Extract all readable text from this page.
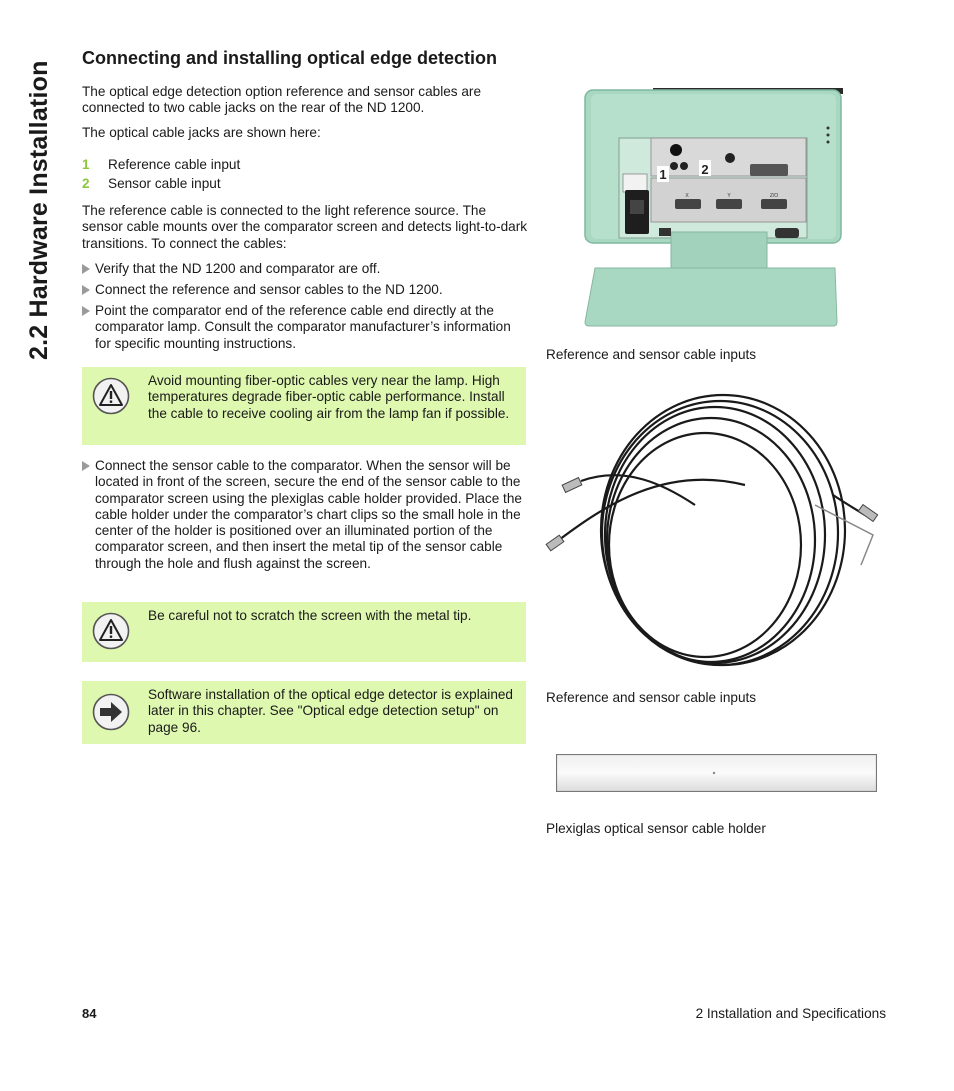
2.2 Hardware Installation
Connecting and installing optical edge detection
The optical edge detection option reference and sensor cables are connected to two cable jacks on the rear of the ND 1200.
The optical cable jacks are shown here:
1 Reference cable input
2 Sensor cable input
The reference cable is connected to the light reference source. The sensor cable mounts over the comparator screen and detects light-to-dark transitions. To connect the cables:
Verify that the ND 1200 and comparator are off.
Connect the reference and sensor cables to the ND 1200.
Point the comparator end of the reference cable end directly at the comparator lamp. Consult the comparator manufacturer’s information for specific mounting instructions.
Avoid mounting fiber-optic cables very near the lamp. High temperatures degrade fiber-optic cable performance. Install the cable to receive cooling air from the lamp fan if possible.
Connect the sensor cable to the comparator. When the sensor will be located in front of the screen, secure the end of the sensor cable to the comparator screen using the plexiglas cable holder provided. Place the cable holder under the comparator’s chart clips so the small hole in the center of the holder is positioned over an illuminated portion of the comparator screen, and then insert the metal tip of the sensor cable through the hole and flush against the screen.
Be careful not to scratch the screen with the metal tip.
Software installation of the optical edge detector is explained later in this chapter. See "Optical edge detection setup" on page 96.
1	2
X	Y	Z/O
Reference and sensor cable inputs
Reference and sensor cable inputs
Plexiglas optical sensor cable holder
84	2 Installation and Specifications
